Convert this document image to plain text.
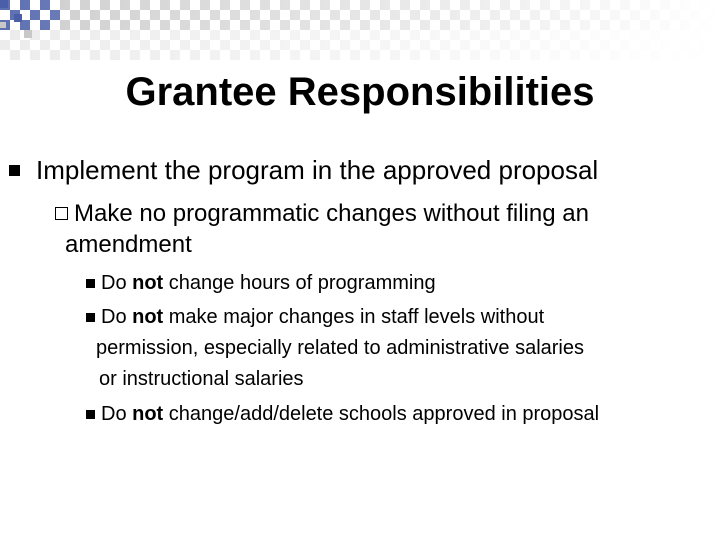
Grantee Responsibilities
Implement the program in the approved proposal
Make no programmatic changes without filing an
amendment
Do not change hours of programming
Do not make major changes in staff levels without
permission, especially related to administrative salaries
or instructional salaries
Do not change/add/delete schools approved in proposal
